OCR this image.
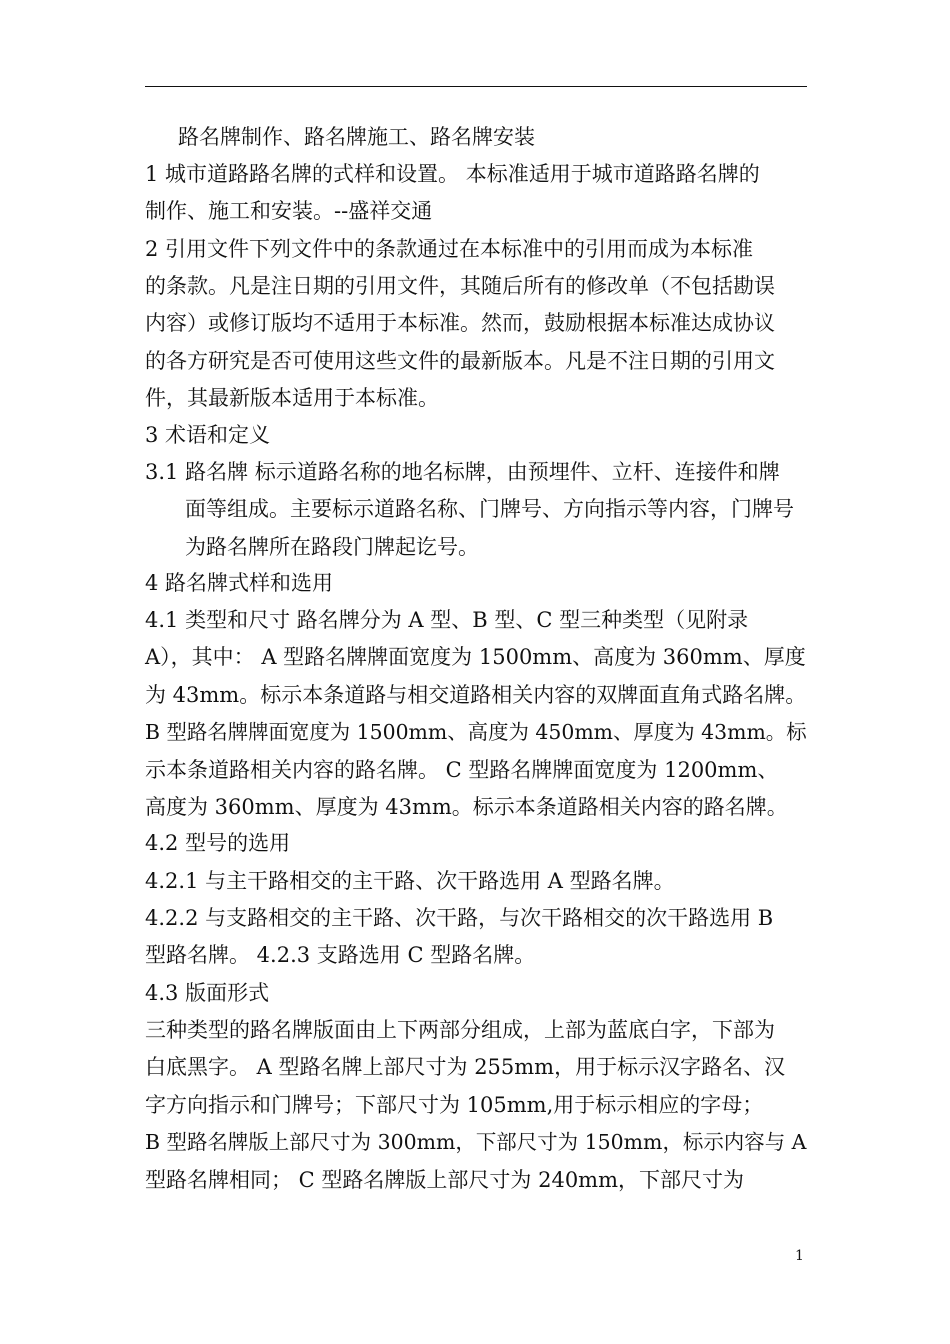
路名牌制作、路名牌施工、路名牌安装
1 城市道路路名牌的式样和设置。 本标准适用于城市道路路名牌的
制作、施工和安装。--盛祥交通
2 引用文件下列文件中的条款通过在本标准中的引用而成为本标准
的条款。凡是注日期的引用文件，其随后所有的修改单（不包括勘误
内容）或修订版均不适用于本标准。然而，鼓励根据本标准达成协议
的各方研究是否可使用这些文件的最新版本。凡是不注日期的引用文
件，其最新版本适用于本标准。
3 术语和定义
3.1 路名牌 标示道路名称的地名标牌，由预埋件、立杆、连接件和牌
面等组成。主要标示道路名称、门牌号、方向指示等内容，门牌号
为路名牌所在路段门牌起讫号。
4 路名牌式样和选用
4.1 类型和尺寸 路名牌分为 A 型、B 型、C 型三种类型（见附录
A），其中： A 型路名牌牌面宽度为 1500mm、高度为 360mm、厚度
为 43mm。标示本条道路与相交道路相关内容的双牌面直角式路名牌。
B 型路名牌牌面宽度为 1500mm、高度为 450mm、厚度为 43mm。标
示本条道路相关内容的路名牌。 C 型路名牌牌面宽度为 1200mm、
高度为 360mm、厚度为 43mm。标示本条道路相关内容的路名牌。
4.2 型号的选用
4.2.1 与主干路相交的主干路、次干路选用 A 型路名牌。
4.2.2 与支路相交的主干路、次干路，与次干路相交的次干路选用 B
型路名牌。 4.2.3 支路选用 C 型路名牌。
4.3 版面形式
三种类型的路名牌版面由上下两部分组成，上部为蓝底白字，下部为
白底黑字。 A 型路名牌上部尺寸为 255mm，用于标示汉字路名、汉
字方向指示和门牌号；下部尺寸为 105mm,用于标示相应的字母；
B 型路名牌版上部尺寸为 300mm，下部尺寸为 150mm，标示内容与 A
型路名牌相同； C 型路名牌版上部尺寸为 240mm，下部尺寸为
1
